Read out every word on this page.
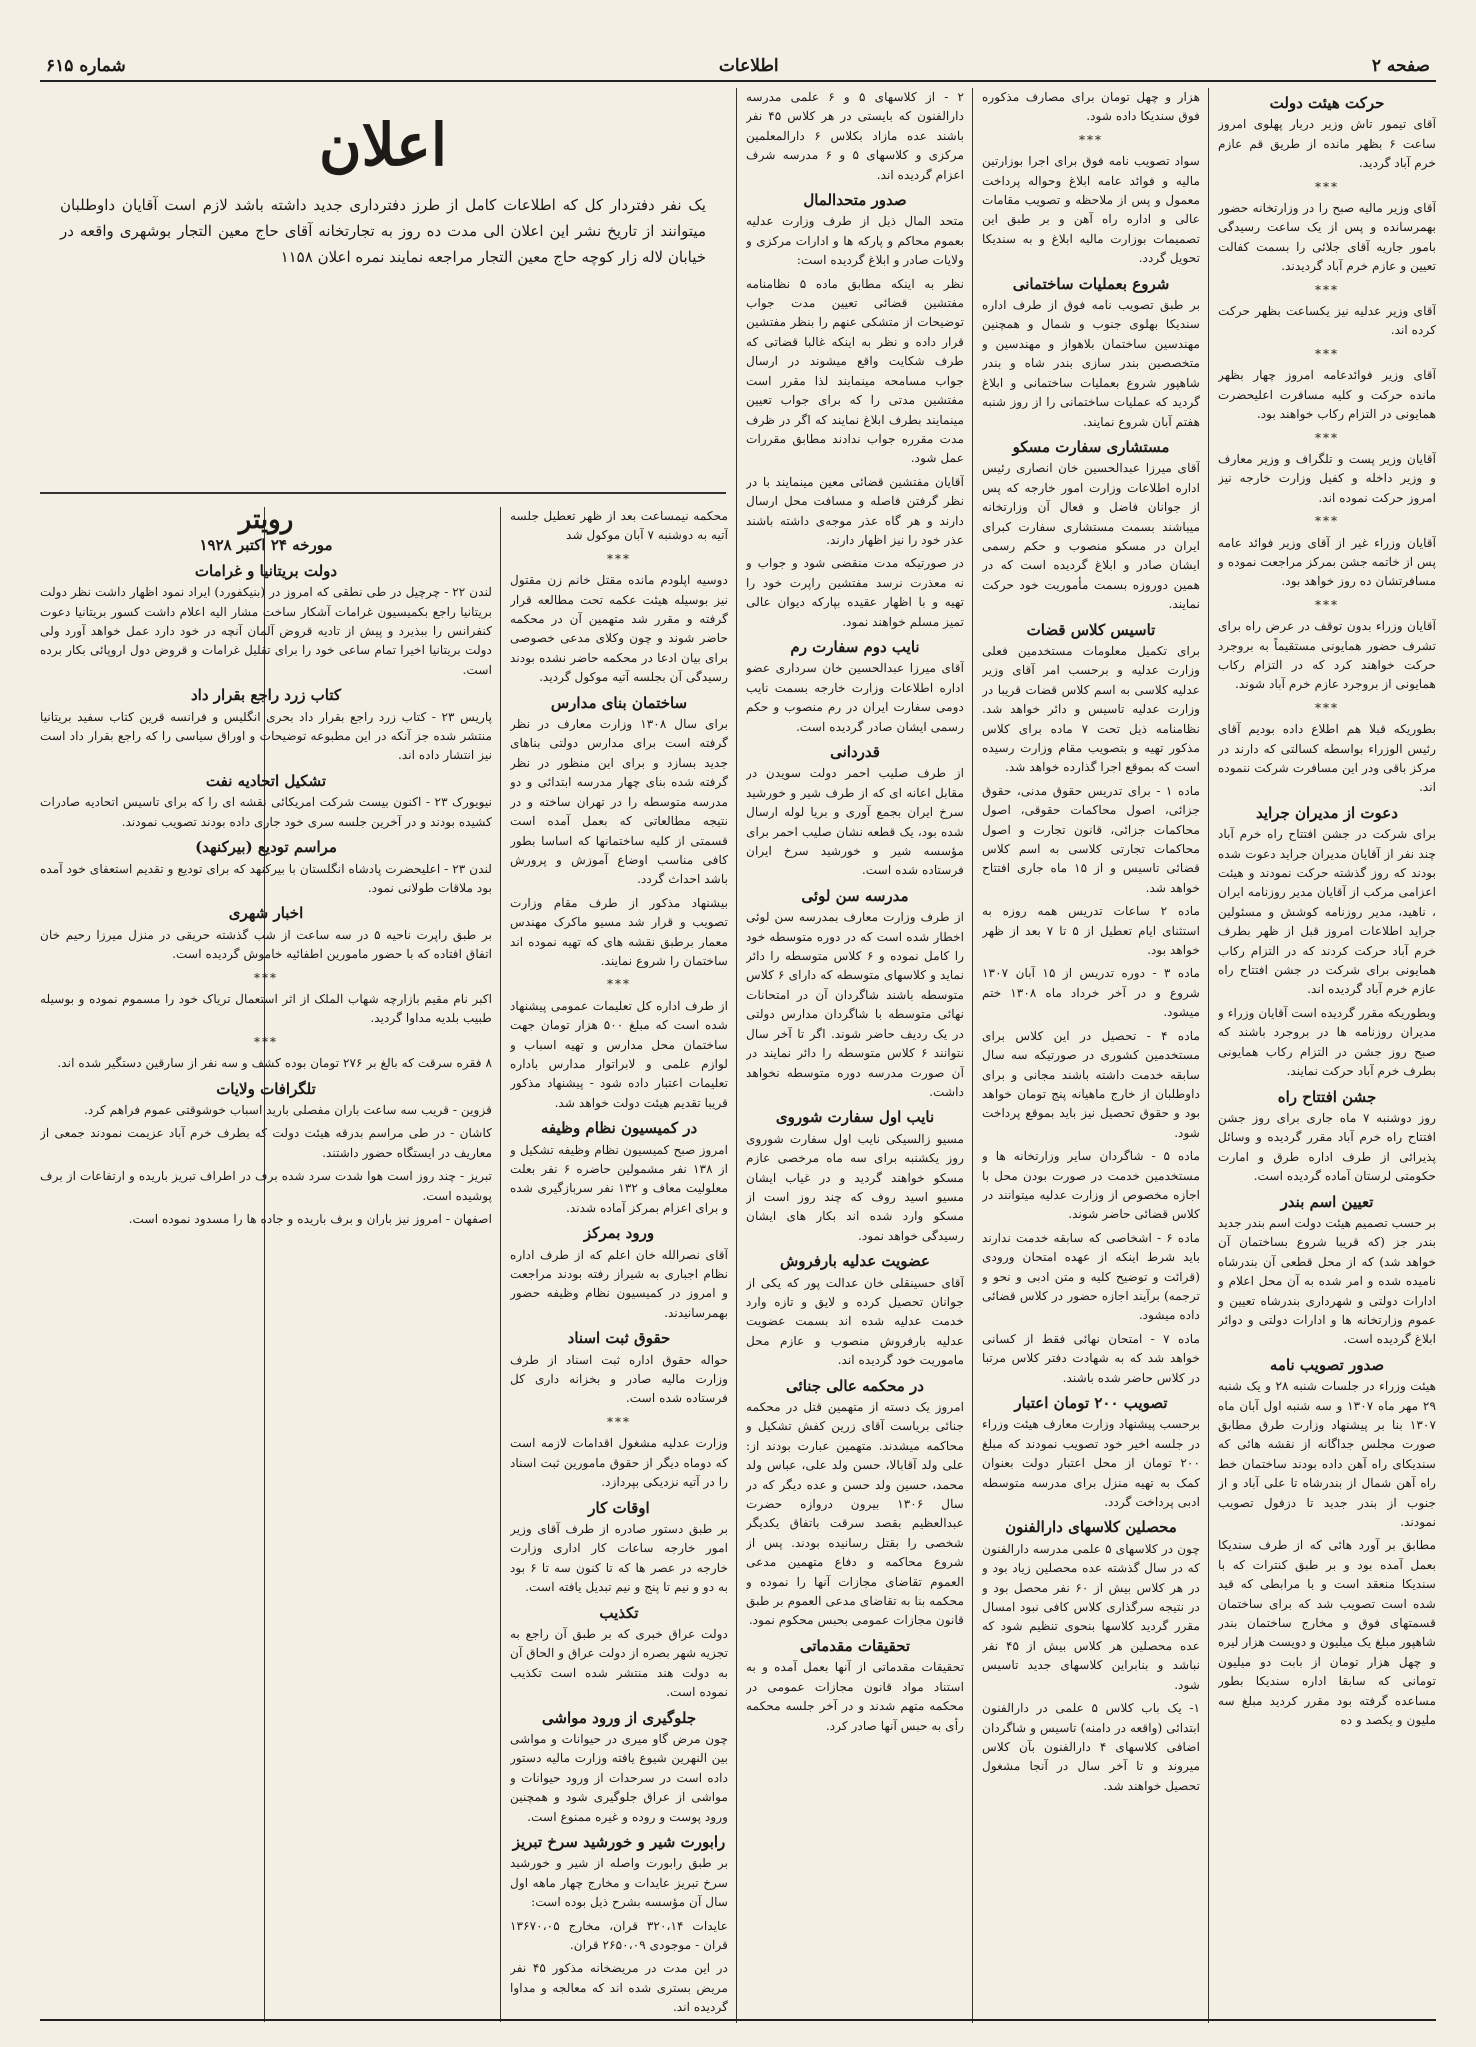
صفحه ۲
اطلاعات
شماره ۶۱۵
حرکت هیئت دولت

آقای تیمور تاش وزیر دربار پهلوی امروز ساعت ۶ بظهر مانده از طریق قم عازم خرم آباد گردید.

***

آقای وزیر مالیه صبح را در وزارتخانه حضور بهمرسانده و پس از یک ساعت رسیدگی بامور جاریه آقای جلائی را بسمت کفالت تعیین و عازم خرم آباد گردیدند.

***

آقای وزیر عدلیه نیز یکساعت بظهر حرکت کرده اند.

***

آقای وزیر فوائدعامه امروز چهار بظهر مانده حرکت و کلیه مسافرت اعلیحضرت همایونی در التزام رکاب خواهند بود.

***

آقایان وزیر پست و تلگراف و وزیر معارف و وزیر داخله و کفیل وزارت خارجه نیز امروز حرکت نموده اند.

***

آقایان وزراء غیر از آقای وزیر فوائد عامه پس از خاتمه جشن بمرکز مراجعت نموده و مسافرتشان ده روز خواهد بود.

***

آقایان وزراء بدون توقف در عرض راه برای تشرف حضور همایونی مستقیماً به بروجرد حرکت خواهند کرد که در التزام رکاب همایونی از بروجرد عازم خرم آباد شوند.

***

بطوریکه قبلا هم اطلاع داده بودیم آقای رئیس الوزراء بواسطه کسالتی که دارند در مرکز باقی ودر این مسافرت شرکت ننموده اند.

دعوت از مدیران جراید

برای شرکت در جشن افتتاح راه خرم آباد چند نفر از آقایان مدیران جراید دعوت شده بودند که روز گذشته حرکت نمودند و هیئت اعزامی مرکب از آقایان مدیر روزنامه ایران ، ناهید، مدیر روزنامه کوشش و مسئولین جراید اطلاعات امروز قبل از ظهر بطرف خرم آباد حرکت کردند که در التزام رکاب همایونی برای شرکت در جشن افتتاح راه عازم خرم آباد گردیده اند.

وبطوریکه مقرر گردیده است آقایان وزراء و مدیران روزنامه ها در بروجرد باشند که صبح روز جشن در التزام رکاب همایونی بطرف خرم آباد حرکت نمایند.

جشن افتتاح راه

روز دوشنبه ۷ ماه جاری برای روز جشن افتتاح راه خرم آباد مقرر گردیده و وسائل پذیرائی از طرف اداره طرق و امارت حکومتی لرستان آماده گردیده است.

تعیین اسم بندر

بر حسب تصمیم هیئت دولت اسم بندر جدید بندر جز (که قریبا شروع بساختمان آن خواهد شد) که از محل قطعی آن بندرشاه نامیده شده و امر شده به آن محل اعلام و ادارات دولتی و شهرداری بندرشاه تعیین و عموم وزارتخانه ها و ادارات دولتی و دوائر ابلاغ گردیده است.

صدور تصویب نامه

هیئت وزراء در جلسات شنبه ۲۸ و یک شنبه ۲۹ مهر ماه ۱۳۰۷ و سه شنبه اول آبان ماه ۱۳۰۷ بنا بر پیشنهاد وزارت طرق مطابق صورت مجلس جداگانه از نقشه هائی که سندیکای راه آهن داده بودند ساختمان خط راه آهن شمال از بندرشاه تا علی آباد و از جنوب از بندر جدید تا دزفول تصویب نمودند.

مطابق بر آورد هائی که از طرف سندیکا بعمل آمده بود و بر طبق کنترات که با سندیکا منعقد است و با مرابطی که قید شده است تصویب شد که برای ساختمان قسمتهای فوق و مخارج ساختمان بندر شاهپور مبلغ یک میلیون و دویست هزار لیره و چهل هزار تومان از بابت دو میلیون تومانی که سابقا اداره سندیکا بطور مساعده گرفته بود مقرر کردید مبلغ سه ملیون و یکصد و ده

هزار و چهل تومان برای مصارف مذکوره فوق سندیکا داده شود.

***

سواد تصویب نامه فوق برای اجرا بوزارتین مالیه و فوائد عامه ابلاغ وحواله پرداخت معمول و پس از ملاحظه و تصویب مقامات عالی و اداره راه آهن و بر طبق این تصمیمات بوزارت مالیه ابلاغ و به سندیکا تحویل گردد.

شروع بعملیات ساختمانی

بر طبق تصویب نامه فوق از طرف اداره سندیکا بهلوی جنوب و شمال و همچنین مهندسین ساختمان بلاهواز و مهندسین و متخصصین بندر سازی بندر شاه و بندر شاهپور شروع بعملیات ساختمانی و ابلاغ گردید که عملیات ساختمانی را از روز شنبه هفتم آبان شروع نمایند.

مستشاری سفارت مسکو

آقای میرزا عبدالحسین خان انصاری رئیس اداره اطلاعات وزارت امور خارجه که پس از جوانان فاضل و فعال آن وزارتخانه میباشند بسمت مستشاری سفارت کبرای ایران در مسکو منصوب و حکم رسمی ایشان صادر و ابلاغ گردیده است که در همین دوروزه بسمت مأموریت خود حرکت نمایند.

تاسیس کلاس قضات

برای تکمیل معلومات مستخدمین فعلی وزارت عدلیه و برحسب امر آقای وزیر عدلیه کلاسی به اسم کلاس قضات قریبا در وزارت عدلیه تاسیس و دائر خواهد شد. نظامنامه ذیل تحت ۷ ماده برای کلاس مذکور تهیه و بتصویب مقام وزارت رسیده است که بموقع اجرا گذارده خواهد شد.

ماده ۱ - برای تدریس حقوق مدنی، حقوق جزائی، اصول محاکمات حقوقی، اصول محاکمات جزائی، قانون تجارت و اصول محاکمات تجارتی کلاسی به اسم کلاس قضائی تاسیس و از ۱۵ ماه جاری افتتاح خواهد شد.

ماده ۲ ساعات تدریس همه روزه به استثنای ایام تعطیل از ۵ تا ۷ بعد از ظهر خواهد بود.

ماده ۳ - دوره تدریس از ۱۵ آبان ۱۳۰۷ شروع و در آخر خرداد ماه ۱۳۰۸ ختم میشود.

ماده ۴ - تحصیل در این کلاس برای مستخدمین کشوری در صورتیکه سه سال سابقه خدمت داشته باشند مجانی و برای داوطلبان از خارج ماهیانه پنج تومان خواهد بود و حقوق تحصیل نیز باید بموقع پرداخت شود.

ماده ۵ - شاگردان سایر وزارتخانه ها و مستخدمین خدمت در صورت بودن محل با اجازه مخصوص از وزارت عدلیه میتوانند در کلاس قضائی حاضر شوند.

ماده ۶ - اشخاصی که سابقه خدمت ندارند باید شرط اینکه از عهده امتحان ورودی (قرائت و توضیح کلیه و متن ادبی و نحو و ترجمه) برآیند اجازه حضور در کلاس قضائی داده میشود.

ماده ۷ - امتحان نهائی فقط از کسانی خواهد شد که به شهادت دفتر کلاس مرتبا در کلاس حاضر شده باشند.

تصویب ۲۰۰ تومان اعتبار

برحسب پیشنهاد وزارت معارف هیئت وزراء در جلسه اخیر خود تصویب نمودند که مبلغ ۲۰۰ تومان از محل اعتبار دولت بعنوان کمک به تهیه منزل برای مدرسه متوسطه ادبی پرداخت گردد.

محصلین کلاسهای دارالفنون

چون در کلاسهای ۵ علمی مدرسه دارالفنون که در سال گذشته عده محصلین زیاد بود و در هر کلاس بیش از ۶۰ نفر محصل بود و در نتیجه سرگذاری کلاس کافی نبود امسال مقرر گردید کلاسها بنحوی تنظیم شود که عده محصلین هر کلاس بیش از ۴۵ نفر نباشد و بنابراین کلاسهای جدید تاسیس شود.

۱- یک باب کلاس ۵ علمی در دارالفنون ابتدائی (واقعه در دامنه) تاسیس و شاگردان اضافی کلاسهای ۴ دارالفنون بآن کلاس میروند و تا آخر سال در آنجا مشغول تحصیل خواهند شد.

۲ - از کلاسهای ۵ و ۶ علمی مدرسه دارالفنون که بایستی در هر کلاس ۴۵ نفر باشند عده مازاد بکلاس ۶ دارالمعلمین مرکزی و کلاسهای ۵ و ۶ مدرسه شرف اعزام گردیده اند.

صدور متحدالمال

متحد المال ذیل از طرف وزارت عدلیه بعموم محاکم و پارکه ها و ادارات مرکزی و ولایات صادر و ابلاغ گردیده است:

نظر به اینکه مطابق ماده ۵ نظامنامه مفتشین قضائی تعیین مدت جواب توضیحات از متشکی عنهم را بنظر مفتشین قرار داده و نظر به اینکه غالبا قضاتی که طرف شکایت واقع میشوند در ارسال جواب مسامحه مینمایند لذا مقرر است مفتشین مدتی را که برای جواب تعیین مینمایند بطرف ابلاغ نمایند که اگر در ظرف مدت مقرره جواب ندادند مطابق مقررات عمل شود.

آقایان مفتشین قضائی معین مینمایند با در نظر گرفتن فاصله و مسافت محل ارسال دارند و هر گاه عذر موجه‌ی داشته باشند عذر خود را نیز اظهار دارند.

در صورتیکه مدت منقضی شود و جواب و نه معذرت نرسد مفتشین راپرت خود را تهیه و با اظهار عقیده بپارکه دیوان عالی تمیز مسلم خواهند نمود.

نایب دوم سفارت رم

آقای میرزا عبدالحسین خان سرداری عضو اداره اطلاعات وزارت خارجه بسمت نایب دومی سفارت ایران در رم منصوب و حکم رسمی ایشان صادر گردیده است.

قدردانی

از طرف صلیب احمر دولت سویدن در مقابل اعانه ای که از طرف شیر و خورشید سرخ ایران بجمع آوری و بریا لوله ارسال شده بود، یک قطعه نشان صلیب احمر برای مؤسسه شیر و خورشید سرخ ایران فرستاده شده است.

مدرسه سن لوئی

از طرف وزارت معارف بمدرسه سن لوئی اخطار شده است که در دوره متوسطه خود را کامل نموده و ۶ کلاس متوسطه را دائر نماید و کلاسهای متوسطه که دارای ۶ کلاس متوسطه باشند شاگردان آن در امتحانات نهائی متوسطه با شاگردان مدارس دولتی در یک ردیف حاضر شوند. اگر تا آخر سال نتوانند ۶ کلاس متوسطه را دائر نمایند در آن صورت مدرسه دوره متوسطه نخواهد داشت.

نایب اول سفارت شوروی

مسیو زالسیکی نایب اول سفارت شوروی روز یکشنبه برای سه ماه مرخصی عازم مسکو خواهند گردید و در غیاب ایشان مسیو اسید روف که چند روز است از مسکو وارد شده اند بکار های ایشان رسیدگی خواهد نمود.

عضویت عدلیه بارفروش

آقای حسینقلی خان عدالت پور که یکی از جوانان تحصیل کرده و لایق و تازه وارد خدمت عدلیه شده اند بسمت عضویت عدلیه بارفروش منصوب و عازم محل ماموریت خود گردیده اند.

در محکمه عالی جنائی

امروز یک دسته از متهمین قتل در محکمه جنائی بریاست آقای زرین کفش تشکیل و محاکمه میشدند. متهمین عبارت بودند از: علی ولد آقابالا، حسن ولد علی، عباس ولد محمد، حسین ولد حسن و عده دیگر که در سال ۱۳۰۶ بیرون دروازه حضرت عبدالعظیم بقصد سرقت باتفاق یکدیگر شخصی را بقتل رسانیده بودند. پس از شروع محاکمه و دفاع متهمین مدعی العموم تقاضای مجازات آنها را نموده و محکمه بنا به تقاضای مدعی العموم بر طبق قانون مجازات عمومی بحبس محکوم نمود.

تحقیقات مقدماتی

تحقیقات مقدماتی از آنها بعمل آمده و به استناد مواد قانون مجازات عمومی در محکمه متهم شدند و در آخر جلسه محکمه رأی به حبس آنها صادر کرد.

اعلان
یک نفر دفتردار کل که اطلاعات کامل از طرز دفترداری جدید داشته باشد لازم است آقایان داوطلبان میتوانند از تاریخ نشر این اعلان الی مدت ده روز به تجارتخانه آقای حاج معین التجار بوشهری واقعه در خیابان لاله زار کوچه حاج معین التجار مراجعه نمایند نمره اعلان ۱۱۵۸

محکمه نیمساعت بعد از ظهر تعطیل جلسه آتیه به دوشنبه ۷ آبان موکول شد

***

دوسیه اپلودم مانده مقتل خانم زن مقتول نیز بوسیله هیئت عکمه تحت مطالعه قرار گرفته و مقرر شد متهمین آن در محکمه حاضر شوند و چون وکلای مدعی خصوصی برای بیان ادعا در محکمه حاضر نشده بودند رسیدگی آن بجلسه آتیه موکول گردید.

ساختمان بنای مدارس

برای سال ۱۳۰۸ وزارت معارف در نظر گرفته است برای مدارس دولتی بناهای جدید بسازد و برای این منظور در نظر گرفته شده بنای چهار مدرسه ابتدائی و دو مدرسه متوسطه را در تهران ساخته و در نتیجه مطالعاتی که بعمل آمده است قسمتی از کلیه ساختمانها که اساسا بطور کافی مناسب اوضاع آموزش و پرورش باشد احداث گردد.

بیشنهاد مذکور از طرف مقام وزارت تصویب و قرار شد مسیو ماکرک مهندس معمار برطبق نقشه های که تهیه نموده اند ساختمان را شروع نمایند.

***

از طرف اداره کل تعلیمات عمومی پیشنهاد شده است که مبلغ ۵۰۰ هزار تومان جهت ساختمان محل مدارس و تهیه اسباب و لوازم علمی و لابراتوار مدارس باداره تعلیمات اعتبار داده شود - پیشنهاد مذکور قریبا تقدیم هیئت دولت خواهد شد.

در کمیسیون نظام وظیفه

امروز صبح کمیسیون نظام وظیفه تشکیل و از ۱۳۸ نفر مشمولین حاضره ۶ نفر بعلت معلولیت معاف و ۱۳۲ نفر سربازگیری شده و برای اعزام بمرکز آماده شدند.

ورود بمرکز

آقای نصرالله خان اعلم که از طرف اداره نظام اجباری به شیراز رفته بودند مراجعت و امروز در کمیسیون نظام وظیفه حضور بهمرسانیدند.

حقوق ثبت اسناد

حواله حقوق اداره ثبت اسناد از طرف وزارت مالیه صادر و بخزانه داری کل فرستاده شده است.

***

وزارت عدلیه مشغول اقدامات لازمه است که دوماه دیگر از حقوق مامورین ثبت اسناد را در آتیه نزدیکی بپردازد.

اوقات کار

بر طبق دستور صادره از طرف آقای وزیر امور خارجه ساعات کار اداری وزارت خارجه در عصر ها که تا کنون سه تا ۶ بود به دو و نیم تا پنج و نیم تبدیل یافته است.

تکذیب

دولت عراق خبری که بر طبق آن راجع به تجزیه شهر بصره از دولت عراق و الحاق آن به دولت هند منتشر شده است تکذیب نموده است.

جلوگیری از ورود مواشی

چون مرض گاو میری در حیوانات و مواشی بین النهرین شیوع یافته وزارت مالیه دستور داده است در سرحدات از ورود حیوانات و مواشی از عراق جلوگیری شود و همچنین ورود پوست و روده و غیره ممنوع است.

رابورت شیر و خورشید سرخ تبریز

بر طبق رابورت واصله از شیر و خورشید سرخ تبریز عایدات و مخارج چهار ماهه اول سال آن مؤسسه بشرح ذیل بوده است:

عایدات ۳۲۰،۱۴ قران، مخارج ۱۳۶۷۰،۰۵ قران - موجودی ۲۶۵۰،۰۹ قران.

در این مدت در مریضخانه مذکور ۴۵ نفر مریض بستری شده اند که معالجه و مداوا گردیده اند.

رویتر
مورخه ۲۴ اکتبر ۱۹۲۸
دولت بریتانیا و غرامات

لندن ۲۲ - چرچیل در طی نطقی که امروز در (بنیکفورد) ایراد نمود اظهار داشت نظر دولت بریتانیا راجع بکمیسیون غرامات آشکار ساخت مشار الیه اعلام داشت کسور بریتانیا دعوت کنفرانس را ببذیرد و پیش از تادیه قروض آلمان آنچه در خود دارد عمل خواهد آورد ولی دولت بریتانیا اخیرا تمام ساعی خود را برای تقلیل غرامات و قروض دول اروپائی بکار برده است.

کتاب زرد راجع بقرار داد

پاریس ۲۳ - کتاب زرد راجع بقرار داد بحری انگلیس و فرانسه قرین کتاب سفید بریتانیا منتشر شده جز آنکه در این مطبوعه توضیحات و اوراق سیاسی را که راجع بقرار داد است نیز انتشار داده اند.

تشکیل اتحادیه نفت

نیویورک ۲۳ - اکنون بیست شرکت امریکائی نقشه ای را که برای تاسیس اتحادیه صادرات کشیده بودند و در آخرین جلسه سری خود جاری داده بودند تصویب نمودند.

مراسم تودیع (بیرکنهد)

لندن ۲۳ - اعلیحضرت پادشاه انگلستان با بیرکنهد که برای تودیع و تقدیم استعفای خود آمده بود ملاقات طولانی نمود.

اخبار شهری

بر طبق راپرت ناحیه ۵ در سه ساعت از شب گذشته حریقی در منزل میرزا رحیم خان اتفاق افتاده که با حضور مامورین اطفائیه خاموش گردیده است.

***

اکبر نام مقیم بازارچه شهاب الملک از اثر استعمال تریاک خود را مسموم نموده و بوسیله طبیب بلدیه مداوا گردید.

***

۸ فقره سرقت که بالغ بر ۲۷۶ تومان بوده کشف و سه نفر از سارقین دستگیر شده اند.

تلگرافات ولایات

قزوین - قریب سه ساعت باران مفصلی بارید اسباب خوشوقتی عموم فراهم کرد.

کاشان - در طی مراسم بدرقه هیئت دولت که بطرف خرم آباد عزیمت نمودند جمعی از معاریف در ایستگاه حضور داشتند.

تبریز - چند روز است هوا شدت سرد شده برف در اطراف تبریز باریده و ارتفاعات از برف پوشیده است.

اصفهان - امروز نیز باران و برف باریده و جاده ها را مسدود نموده است.
